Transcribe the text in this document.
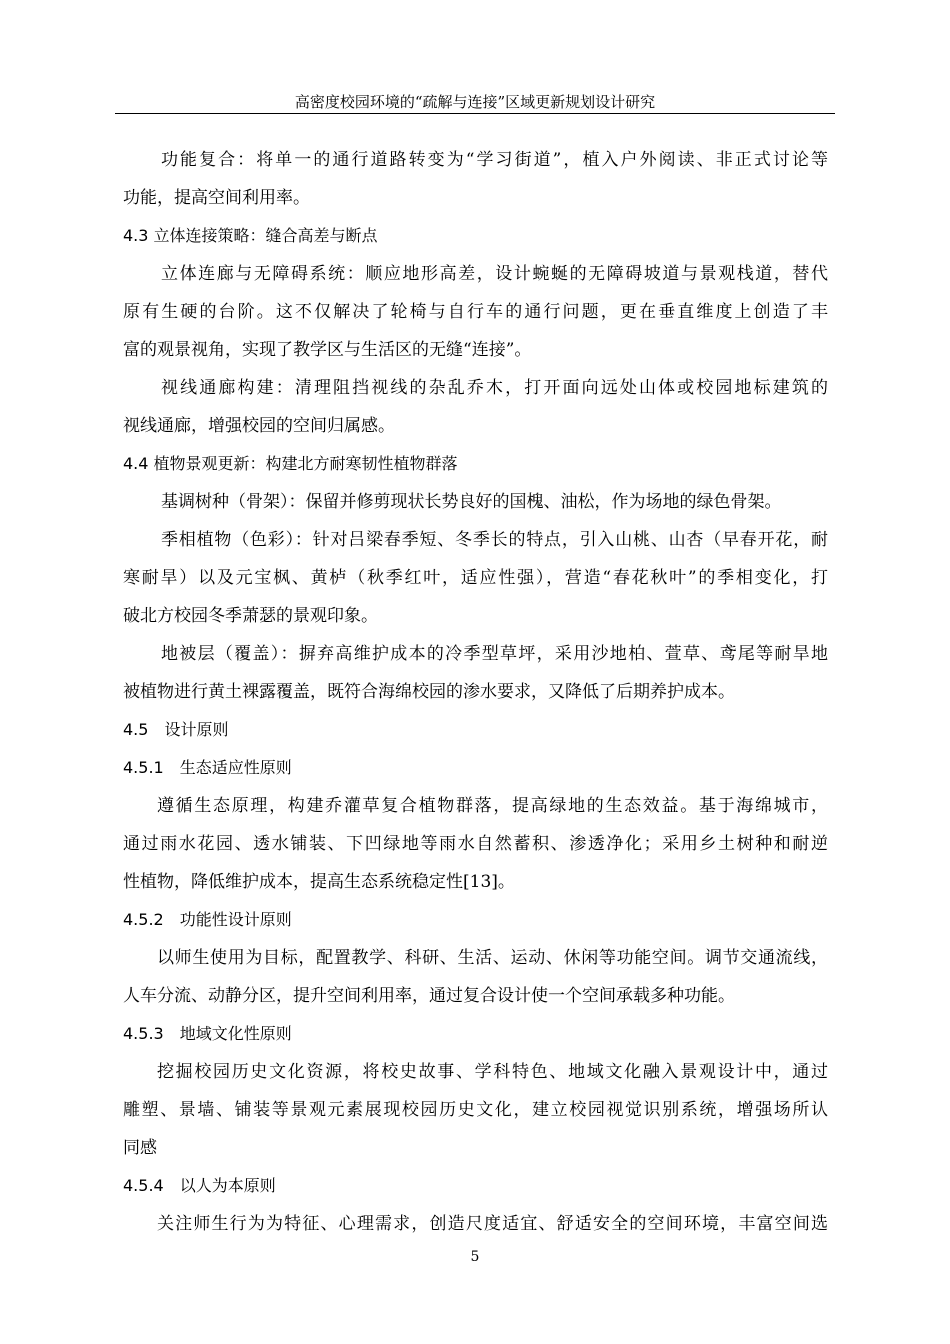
高密度校园环境的“疏解与连接”区域更新规划设计研究
功能复合：将单一的通行道路转变为“学习街道”，植入户外阅读、非正式讨论等
功能，提高空间利用率。
4.3 立体连接策略：缝合高差与断点
立体连廊与无障碍系统：顺应地形高差，设计蜿蜒的无障碍坡道与景观栈道，替代
原有生硬的台阶。这不仅解决了轮椅与自行车的通行问题，更在垂直维度上创造了丰
富的观景视角，实现了教学区与生活区的无缝“连接”。
视线通廊构建：清理阻挡视线的杂乱乔木，打开面向远处山体或校园地标建筑的
视线通廊，增强校园的空间归属感。
4.4 植物景观更新：构建北方耐寒韧性植物群落
基调树种（骨架）：保留并修剪现状长势良好的国槐、油松，作为场地的绿色骨架。
季相植物（色彩）：针对吕梁春季短、冬季长的特点，引入山桃、山杏（早春开花，耐
寒耐旱）以及元宝枫、黄栌（秋季红叶，适应性强），营造“春花秋叶”的季相变化，打
破北方校园冬季萧瑟的景观印象。
地被层（覆盖）：摒弃高维护成本的冷季型草坪，采用沙地柏、萱草、鸢尾等耐旱地
被植物进行黄土裸露覆盖，既符合海绵校园的渗水要求，又降低了后期养护成本。
4.5　设计原则
4.5.1　生态适应性原则
遵循生态原理，构建乔灌草复合植物群落，提高绿地的生态效益。基于海绵城市，
通过雨水花园、透水铺装、下凹绿地等雨水自然蓄积、渗透净化；采用乡土树种和耐逆
性植物，降低维护成本，提高生态系统稳定性[13]。
4.5.2　功能性设计原则
以师生使用为目标，配置教学、科研、生活、运动、休闲等功能空间。调节交通流线，
人车分流、动静分区，提升空间利用率，通过复合设计使一个空间承载多种功能。
4.5.3　地域文化性原则
挖掘校园历史文化资源，将校史故事、学科特色、地域文化融入景观设计中，通过
雕塑、景墙、铺装等景观元素展现校园历史文化，建立校园视觉识别系统，增强场所认
同感
4.5.4　以人为本原则
关注师生行为为特征、心理需求，创造尺度适宜、舒适安全的空间环境，丰富空间选
5
